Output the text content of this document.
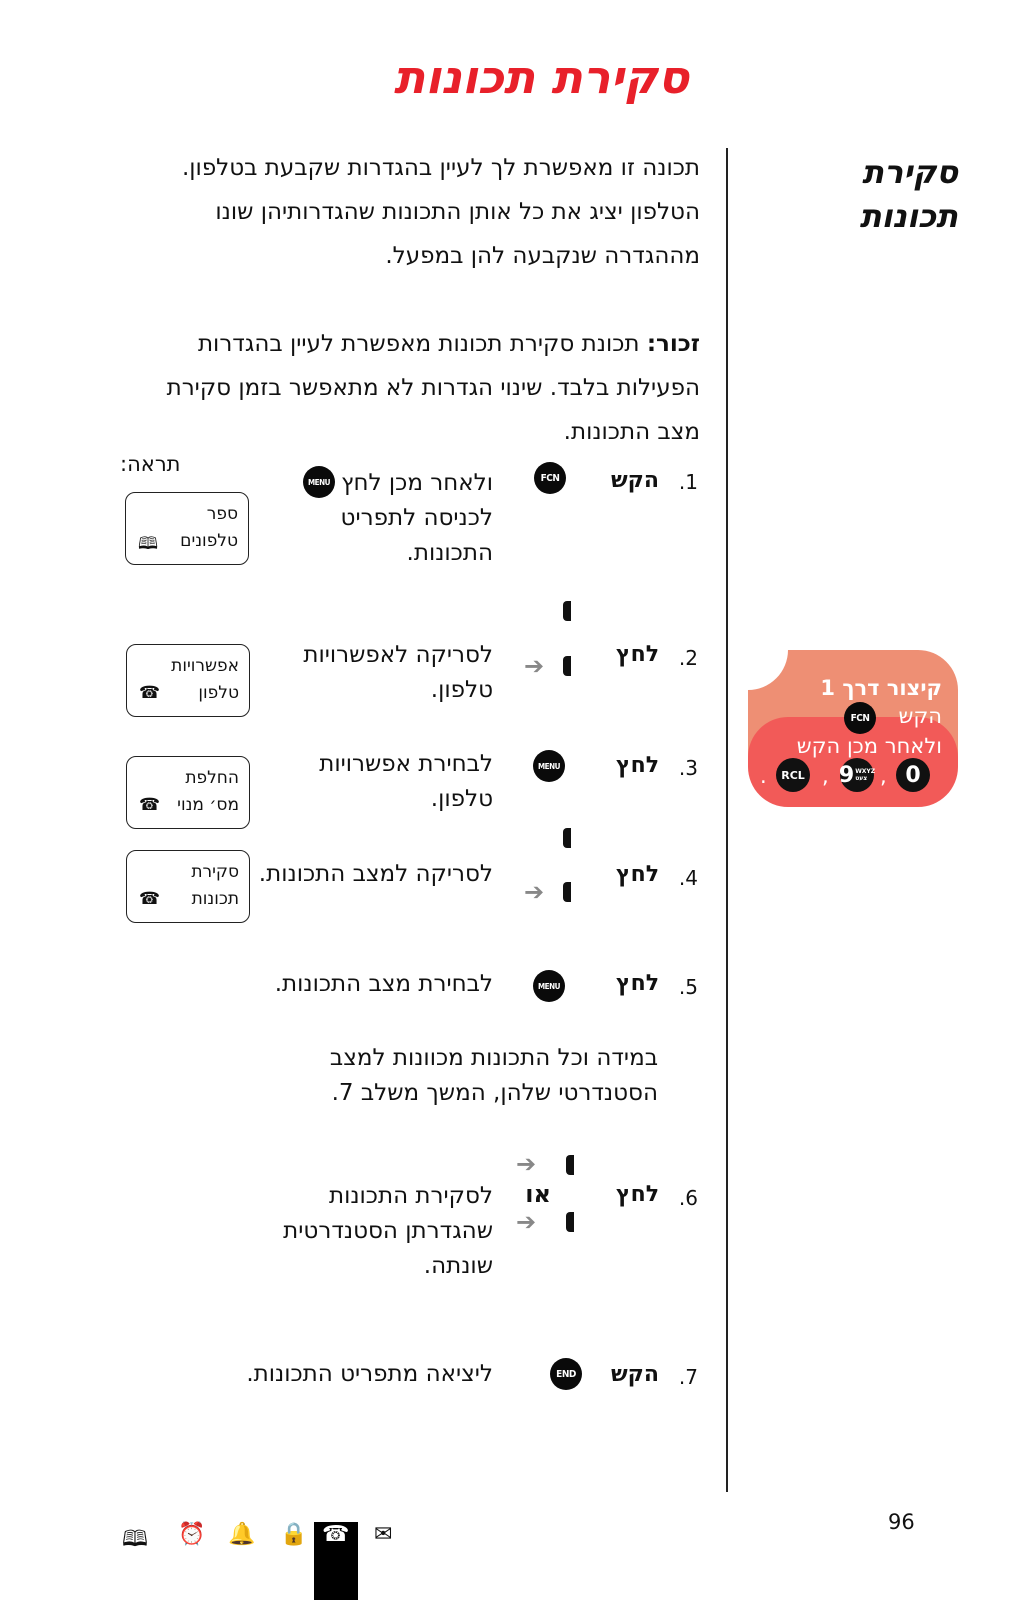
סקירת תכונות
סקירת תכונות
תכונה זו מאפשרת לך לעיין בהגדרות שקבעת בטלפון. הטלפון יציג את כל אותן התכונות שהגדרותיהן שונו מההגדרה שנקבעה להן במפעל.
זכור: תכונת סקירת תכונות מאפשרת לעיין בהגדרות הפעילות בלבד. שינוי הגדרות לא מתאפשר בזמן סקירת מצב התכונות.
תראה:
.1
הקש
FCN
MENU ולאחר מכן לחץ
לכניסה לתפריט התכונות.
ספר
טלפונים
🕮
.2
לחץ
➔
לסריקה לאפשרויות טלפון.
אפשרויות
טלפון
☎
.3
לחץ
MENU
לבחירת אפשרויות טלפון.
החלפת
מס׳ מנוי
☎
.4
לחץ
➔
לסריקה למצב התכונות.
סקירת
תכונות
☎
.5
לחץ
MENU
לבחירת מצב התכונות.
במידה וכל התכונות מכוונות למצב הסטנדרטי שלהן, המשך משלב 7.
.6
לחץ
➔
או
➔
לסקירת התכונות שהגדרתן הסטנדרטית שונתה.
.7
הקש
END
ליציאה מתפריט התכונות.
קיצור דרך 1
הקש
FCN
ולאחר מכן הקש
0
,
9 WXYZ
צעט
,
RCL
.
🕮 ⏰ 🔔 🔒 ☎ ✉	96
